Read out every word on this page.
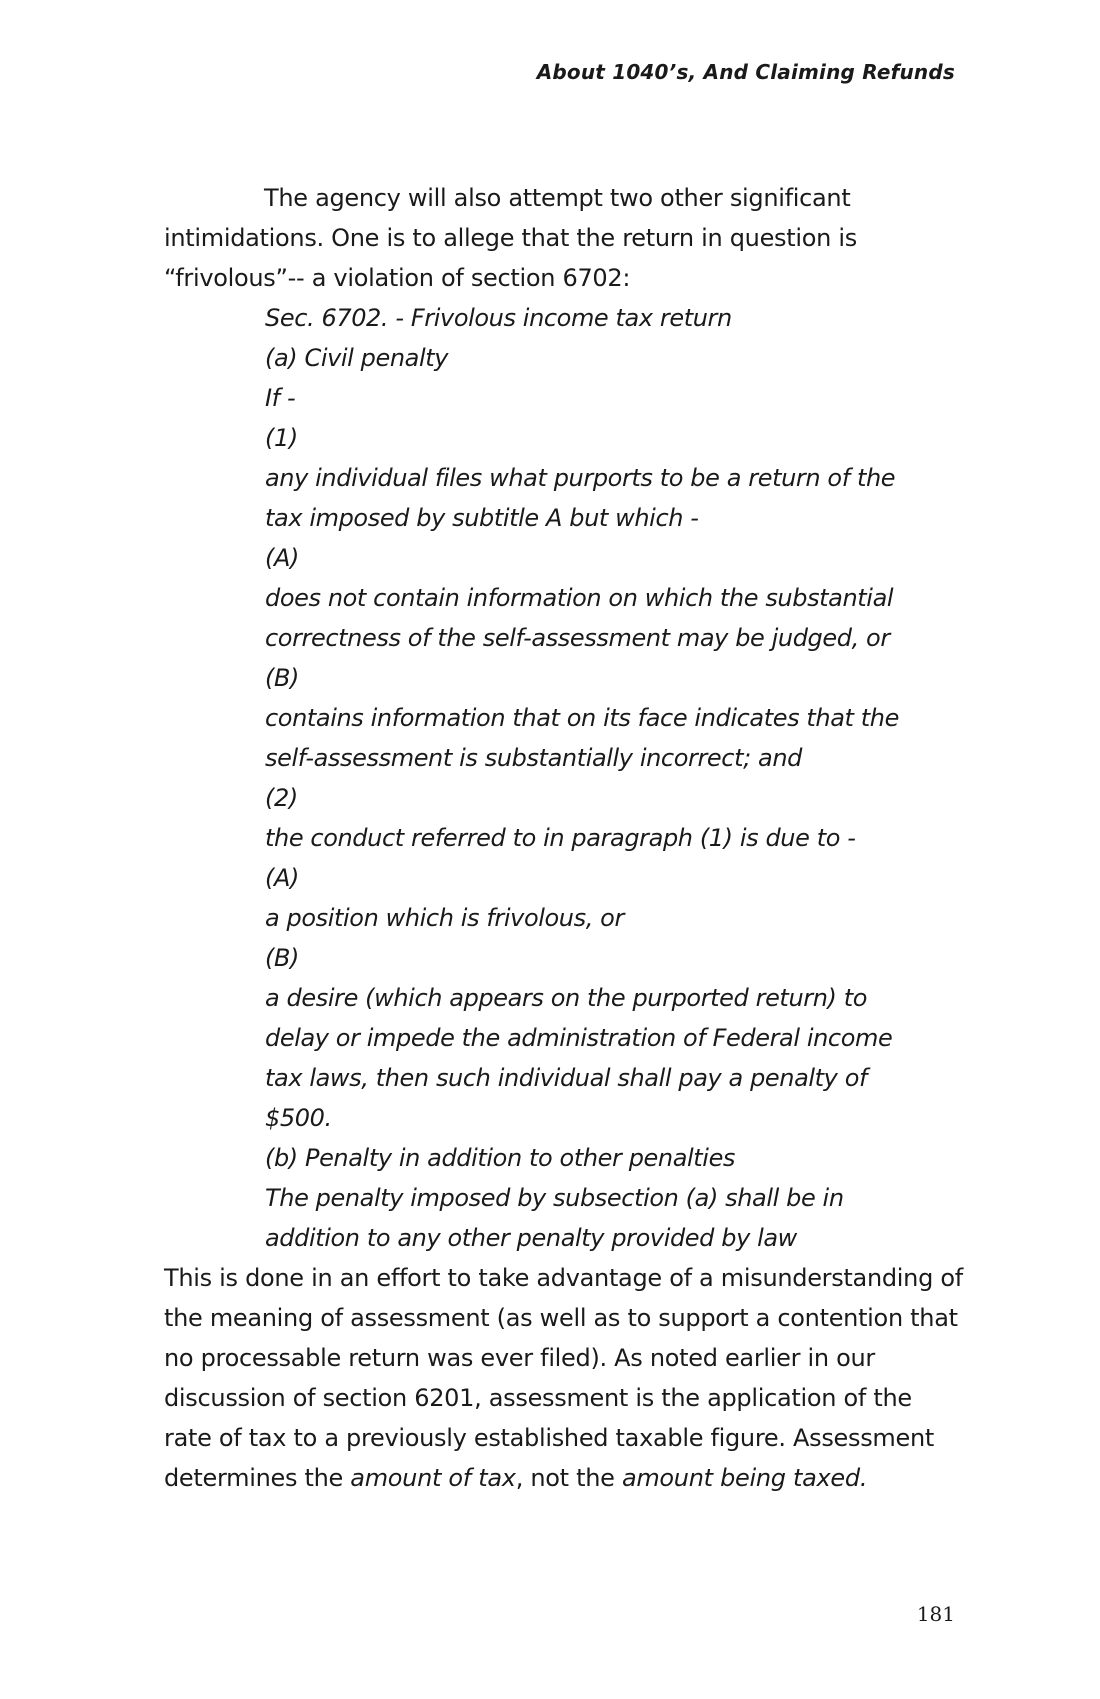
About 1040’s, And Claiming Refunds

The agency will also attempt two other significant intimidations. One is to allege that the return in question is “frivolous”-- a violation of section 6702:

Sec. 6702. - Frivolous income tax return
(a) Civil penalty
If -
(1)
any individual files what purports to be a return of the
tax imposed by subtitle A but which -
(A)
does not contain information on which the substantial
correctness of the self-assessment may be judged, or
(B)
contains information that on its face indicates that the
self-assessment is substantially incorrect; and
(2)
the conduct referred to in paragraph (1) is due to -
(A)
a position which is frivolous, or
(B)
a desire (which appears on the purported return) to
delay or impede the administration of Federal income
tax laws, then such individual shall pay a penalty of
$500.
(b) Penalty in addition to other penalties
The penalty imposed by subsection (a) shall be in
addition to any other penalty provided by law

This is done in an effort to take advantage of a misunderstanding of the meaning of assessment (as well as to support a contention that no processable return was ever filed). As noted earlier in our discussion of section 6201, assessment is the application of the rate of tax to a previously established taxable figure. Assessment determines the amount of tax, not the amount being taxed.

181
